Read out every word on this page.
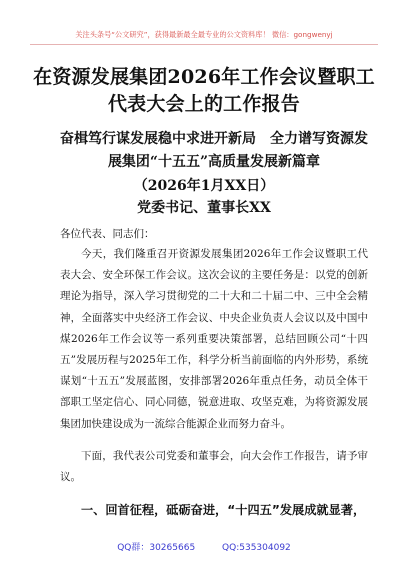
关注头条号“公文研究”，获得最新最全最专业的公文资料库！ 微信：gongwenyj
在资源发展集团2026年工作会议暨职工
代表大会上的工作报告
奋楫笃行谋发展稳中求进开新局　全力谱写资源发
展集团“十五五”高质量发展新篇章
（2026年1月XX日）
党委书记、董事长XX

各位代表、同志们：

今天，我们隆重召开资源发展集团2026年工作会议暨职工代表大会、安全环保工作会议。这次会议的主要任务是：以党的创新理论为指导，深入学习贯彻党的二十大和二十届二中、三中全会精神，全面落实中央经济工作会议、中央企业负责人会议以及中国中煤2026年工作会议等一系列重要决策部署，总结回顾公司“十四五”发展历程与2025年工作，科学分析当前面临的内外形势，系统谋划“十五五”发展蓝图，安排部署2026年重点任务，动员全体干部职工坚定信心、同心同德，锐意进取、攻坚克难，为将资源发展集团加快建设成为一流综合能源企业而努力奋斗。

下面，我代表公司党委和董事会，向大会作工作报告，请予审议。

一、回首征程，砥砺奋进，“十四五”发展成就显著，
QQ群：30265665	QQ:535304092
